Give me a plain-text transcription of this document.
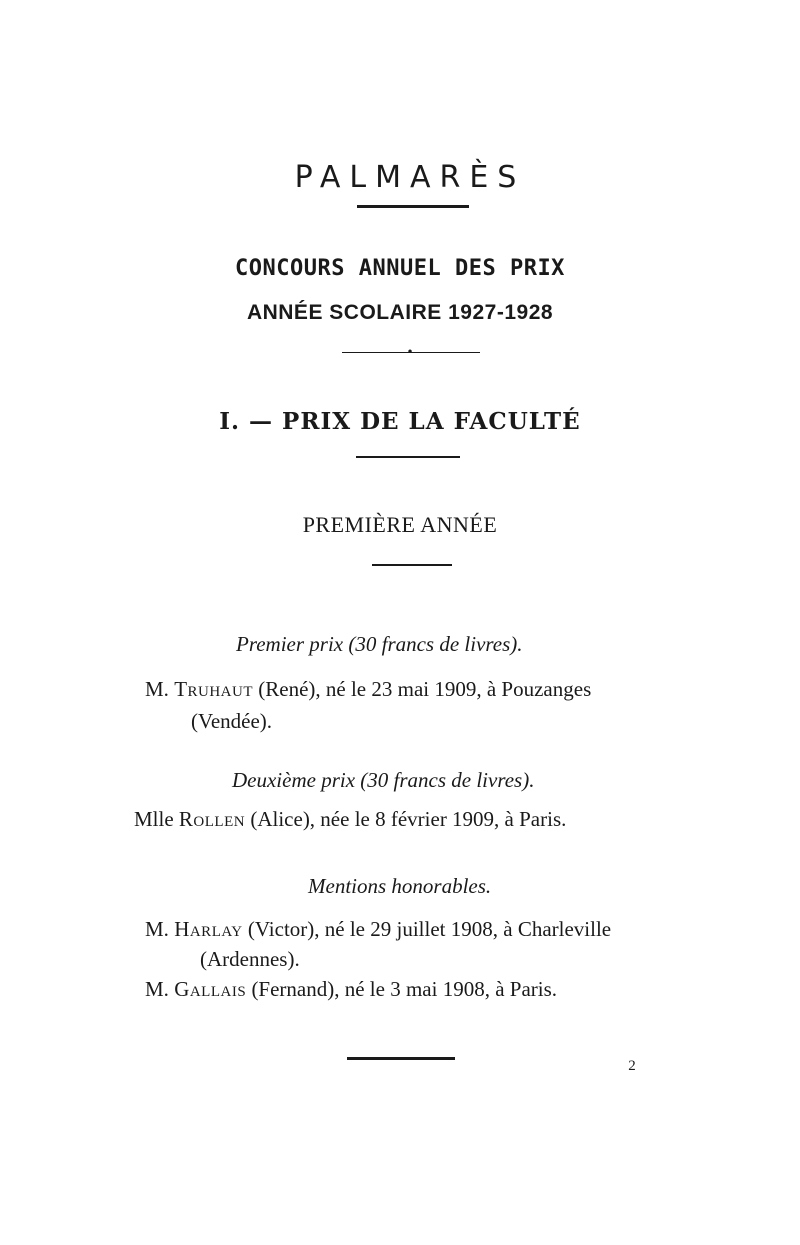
PALMARÈS
CONCOURS ANNUEL DES PRIX
ANNÉE SCOLAIRE 1927-1928
•
I. — PRIX DE LA FACULTÉ
PREMIÈRE ANNÉE
Premier prix (30 francs de livres).
M. Truhaut (René), né le 23 mai 1909, à Pouzanges
(Vendée).
Deuxième prix (30 francs de livres).
Mlle Rollen (Alice), née le 8 février 1909, à Paris.
Mentions honorables.
M. Harlay (Victor), né le 29 juillet 1908, à Charleville
(Ardennes).
M. Gallais (Fernand), né le 3 mai 1908, à Paris.
2
